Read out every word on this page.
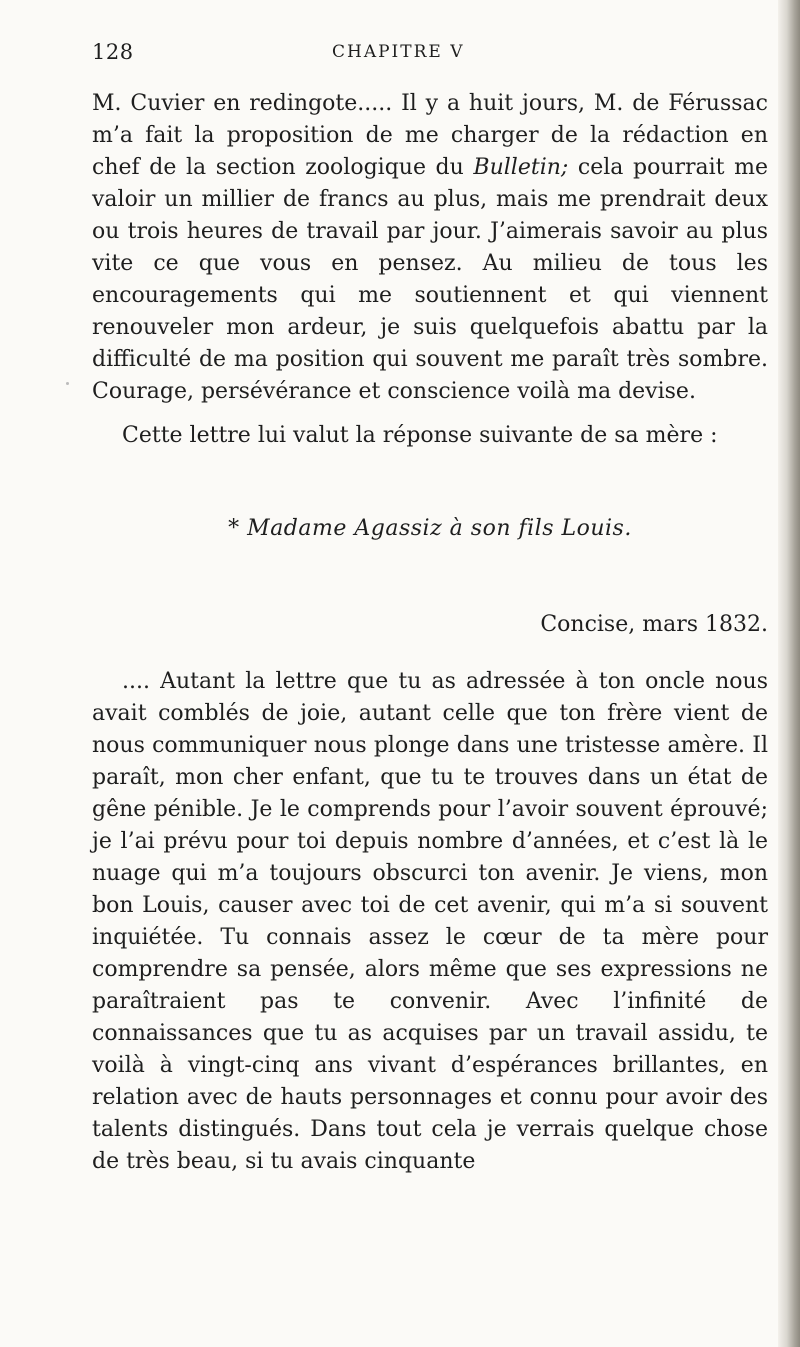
128	CHAPITRE V

M. Cuvier en redingote..... Il y a huit jours, M. de Férussac m’a fait la proposition de me charger de la rédaction en chef de la section zoologique du Bulletin; cela pourrait me valoir un millier de francs au plus, mais me prendrait deux ou trois heures de travail par jour. J’aimerais savoir au plus vite ce que vous en pensez. Au milieu de tous les encouragements qui me soutiennent et qui viennent renouveler mon ardeur, je suis quelquefois abattu par la difficulté de ma position qui souvent me paraît très sombre. Courage, persévérance et conscience voilà ma devise.

Cette lettre lui valut la réponse suivante de sa mère :

* Madame Agassiz à son fils Louis.
Concise, mars 1832.

.... Autant la lettre que tu as adressée à ton oncle nous avait comblés de joie, autant celle que ton frère vient de nous communiquer nous plonge dans une tristesse amère. Il paraît, mon cher enfant, que tu te trouves dans un état de gêne pénible. Je le comprends pour l’avoir souvent éprouvé; je l’ai prévu pour toi depuis nombre d’années, et c’est là le nuage qui m’a toujours obscurci ton avenir. Je viens, mon bon Louis, causer avec toi de cet avenir, qui m’a si souvent inquiétée. Tu connais assez le cœur de ta mère pour comprendre sa pensée, alors même que ses expressions ne paraîtraient pas te convenir. Avec l’infinité de connaissances que tu as acquises par un travail assidu, te voilà à vingt-cinq ans vivant d’espérances brillantes, en relation avec de hauts personnages et connu pour avoir des talents distingués. Dans tout cela je verrais quelque chose de très beau, si tu avais cinquante
